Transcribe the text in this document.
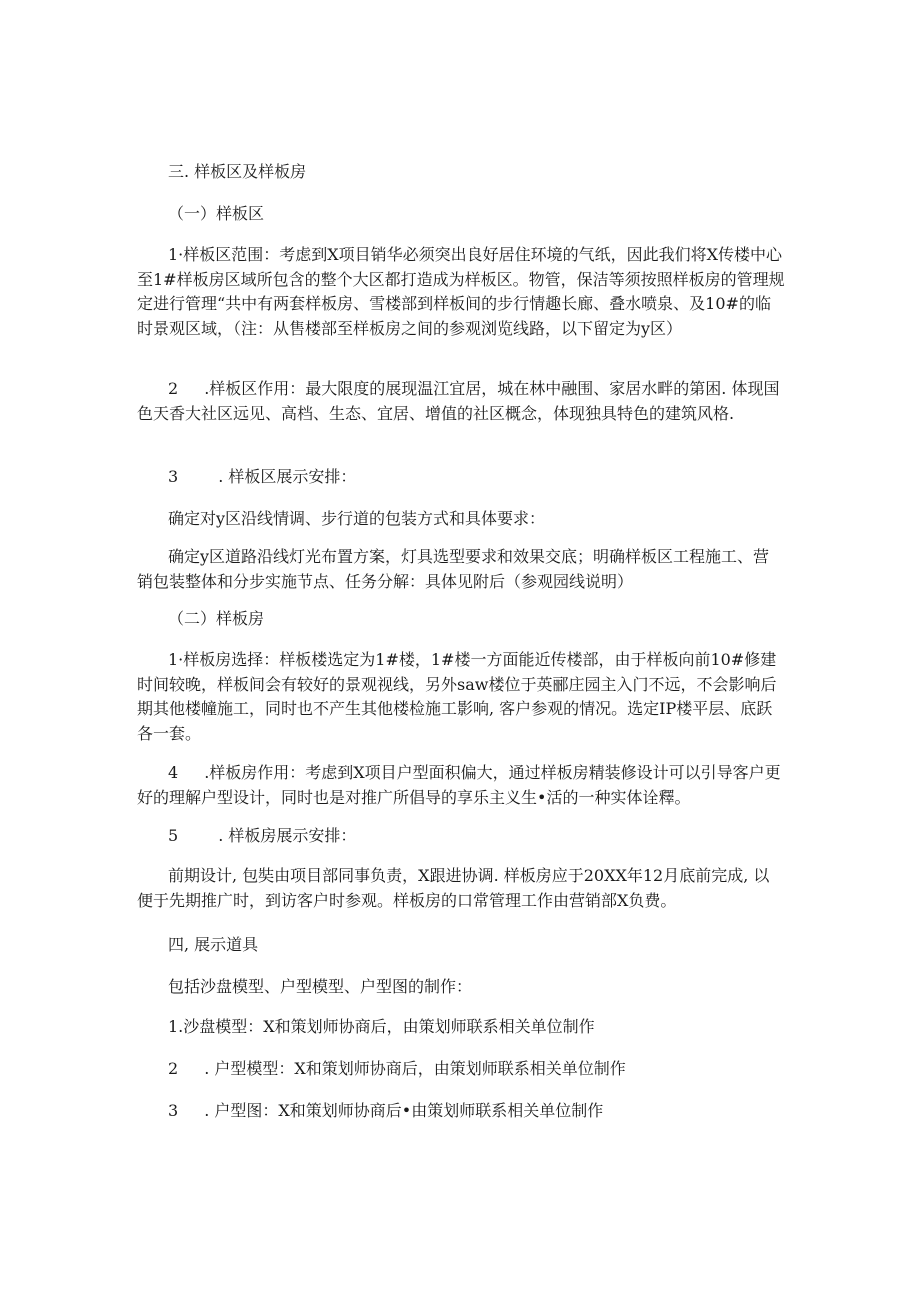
三. 样板区及样板房

（一）样板区

1·样板区范围：考虑到X项目销华必须突出良好居住环境的气纸，因此我们将X传楼中心至1#样板房区域所包含的整个大区都打造成为样板区。物管，保洁等须按照样板房的管理规定进行管理“共中有两套样板房、雪楼部到样板间的步行情趣长廊、叠水喷泉、及10#的临时景观区域，（注：从售楼部至样板房之间的参观浏览线路，以下留定为y区）

2 .样板区作用：最大限度的展现温江宜居，城在林中融围、家居水畔的第困. 体现国色天香大社区远见、高档、生态、宜居、增值的社区概念，体现独具特色的建筑风格.

3	. 样板区展示安排：

确定对y区沿线情调、步行道的包装方式和具体要求：

确定y区道路沿线灯光布置方案，灯具选型要求和效果交底；明确样板区工程施工、营销包装整体和分步实施节点、任务分解：具体见附后（参观园线说明）

（二）样板房

1·样板房选择：样板楼选定为1#楼，1#楼一方面能近传楼部，由于样板向前10#修建时间较晚，样板间会有较好的景观视线，另外saw楼位于英郦庄园主入门不远，不会影响后期其他楼幢施工，同时也不产生其他楼检施工影响, 客户参观的情况。选定IP楼平层、底跃各一套。

4 .样板房作用：考虑到X项目户型面积偏大，通过样板房精装修设计可以引导客户更好的理解户型设计，同时也是对推广所倡导的享乐主义生•活的一种实体诠釋。

5	. 样板房展示安排：

前期设计, 包奘由项目部同事负责，X跟进协调. 样板房应于20XX年12月底前完成, 以便于先期推广时，到访客户时参观。样板房的口常管理工作由营销部X负费。

四, 展示道具

包括沙盘模型、户型模型、户型图的制作：

1.沙盘模型：X和策划师协商后，由策划师联系相关单位制作

2 . 户型模型：X和策划师协商后，由策划师联系相关单位制作

3 . 户型图：X和策划师协商后•由策划师联系相关单位制作
